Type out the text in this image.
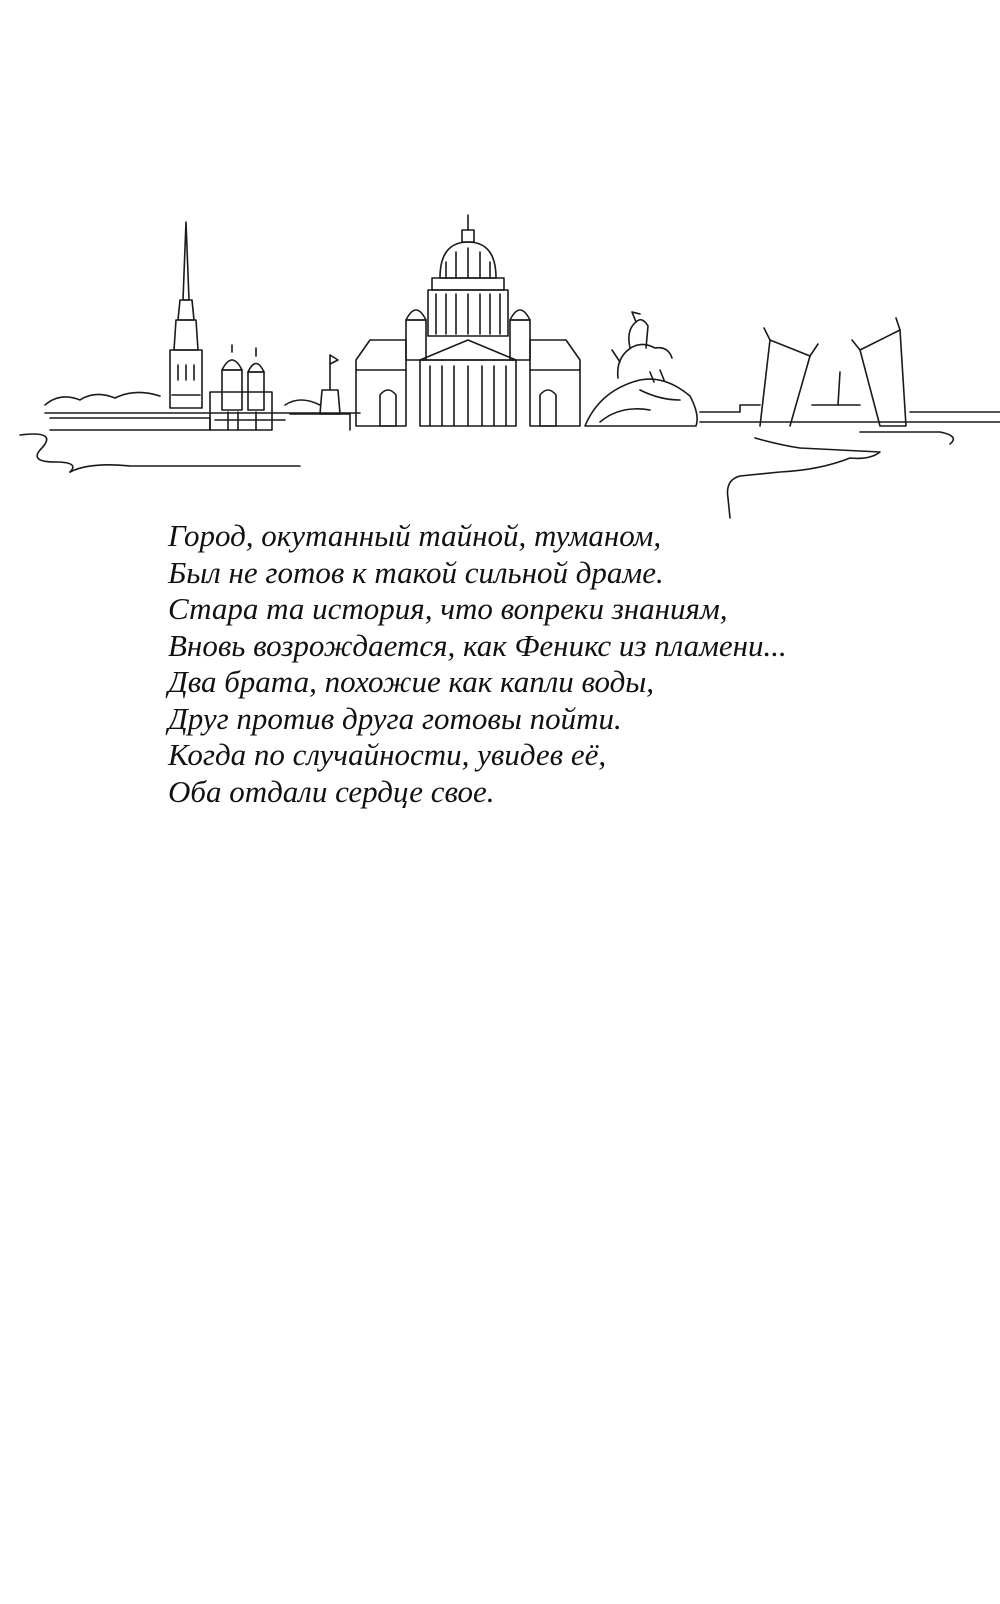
Город, окутанный тайной, туманом,
Был не готов к такой сильной драме.
Стара та история, что вопреки знаниям,
Вновь возрождается, как Феникс из пламени...
Два брата, похожие как капли воды,
Друг против друга готовы пойти.
Когда по случайности, увидев её,
Оба отдали сердце свое.
